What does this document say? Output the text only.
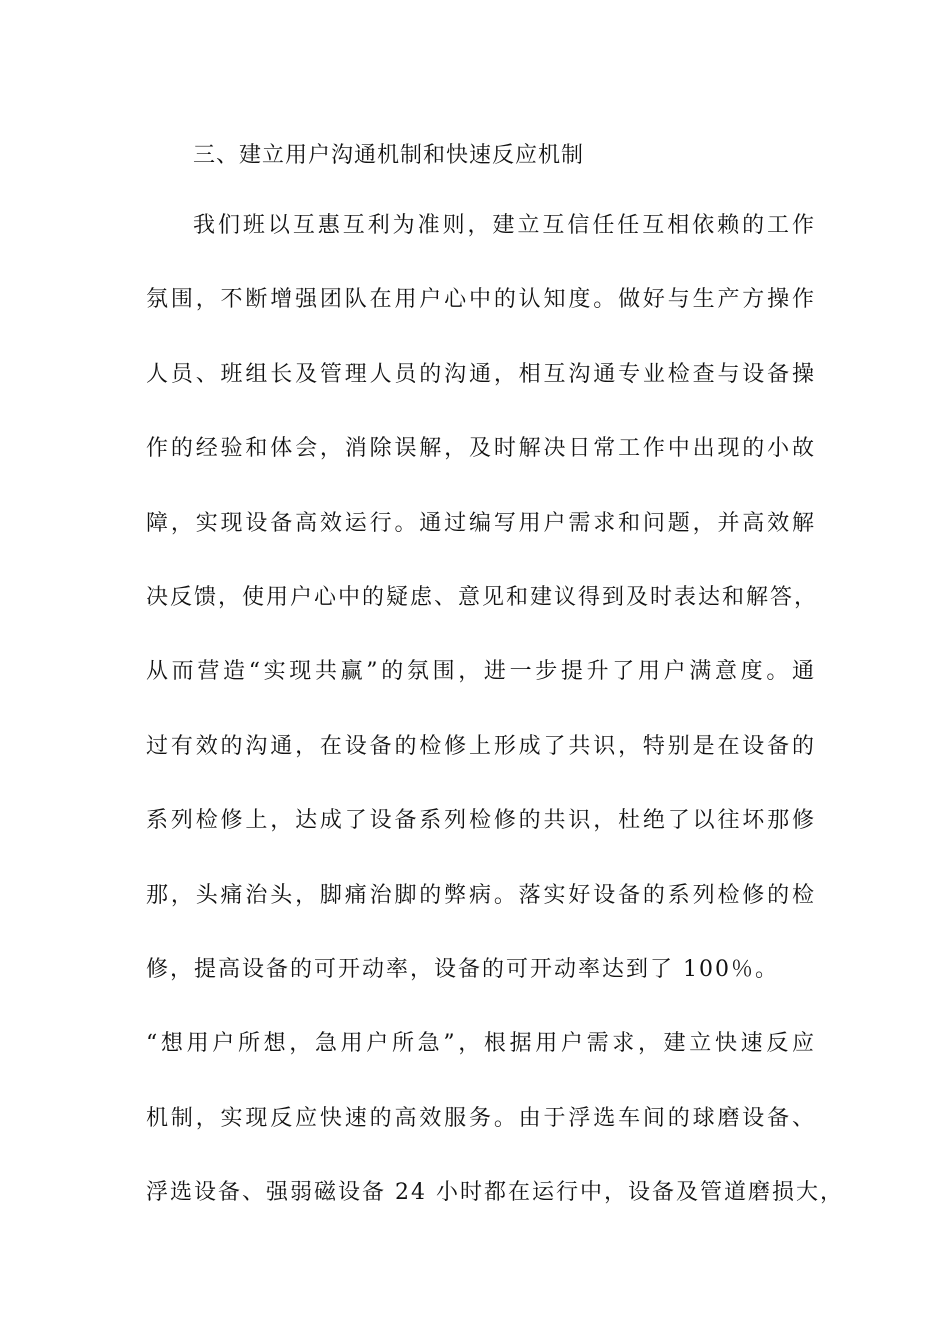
三、建立用户沟通机制和快速反应机制
我们班以互惠互利为准则，建立互信任任互相依赖的工作
氛围，不断增强团队在用户心中的认知度。做好与生产方操作
人员、班组长及管理人员的沟通，相互沟通专业检查与设备操
作的经验和体会，消除误解，及时解决日常工作中出现的小故
障，实现设备高效运行。通过编写用户需求和问题，并高效解
决反馈，使用户心中的疑虑、意见和建议得到及时表达和解答，
从而营造“实现共赢”的氛围，进一步提升了用户满意度。通
过有效的沟通，在设备的检修上形成了共识，特别是在设备的
系列检修上，达成了设备系列检修的共识，杜绝了以往坏那修
那，头痛治头，脚痛治脚的弊病。落实好设备的系列检修的检
修，提高设备的可开动率，设备的可开动率达到了 100％。
“想用户所想，急用户所急”，根据用户需求，建立快速反应
机制，实现反应快速的高效服务。由于浮选车间的球磨设备、
浮选设备、强弱磁设备 24 小时都在运行中，设备及管道磨损大，
